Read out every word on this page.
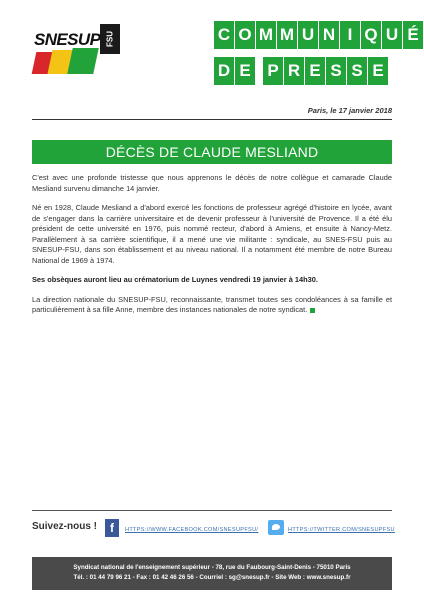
SNESUP FSU	C O M M U N I Q U É
D E P R E S S E
Paris, le 17 janvier 2018
DÉCÈS DE CLAUDE MESLIAND

C'est avec une profonde tristesse que nous apprenons le décès de notre collègue et camarade Claude Mesliand survenu dimanche 14 janvier.

Né en 1928, Claude Mesliand a d'abord exercé les fonctions de professeur agrégé d'histoire en lycée, avant de s'engager dans la carrière universitaire et de devenir professeur à l'université de Provence. Il a été élu président de cette université en 1976, puis nommé recteur, d'abord à Amiens, et ensuite à Nancy-Metz. Parallèlement à sa carrière scientifique, il a mené une vie militante : syndicale, au SNES-FSU puis au SNESUP-FSU, dans son établissement et au niveau national. Il a notamment été membre de notre Bureau National de 1969 à 1974.

Ses obsèques auront lieu au crématorium de Luynes vendredi 19 janvier à 14h30.

La direction nationale du SNESUP-FSU, reconnaissante, transmet toutes ses condoléances à sa famille et particulièrement à sa fille Anne, membre des instances nationales de notre syndicat.

Suivez-nous !	f	HTTPS://WWW.FACEBOOK.COM/SNESUPFSU/	HTTPS://TWITTER.COM/SNESUPFSU
Syndicat national de l'enseignement supérieur - 78, rue du Faubourg-Saint-Denis - 75010 Paris
Tél. : 01 44 79 96 21 - Fax : 01 42 46 26 56 - Courriel : sg@snesup.fr - Site Web : www.snesup.fr
